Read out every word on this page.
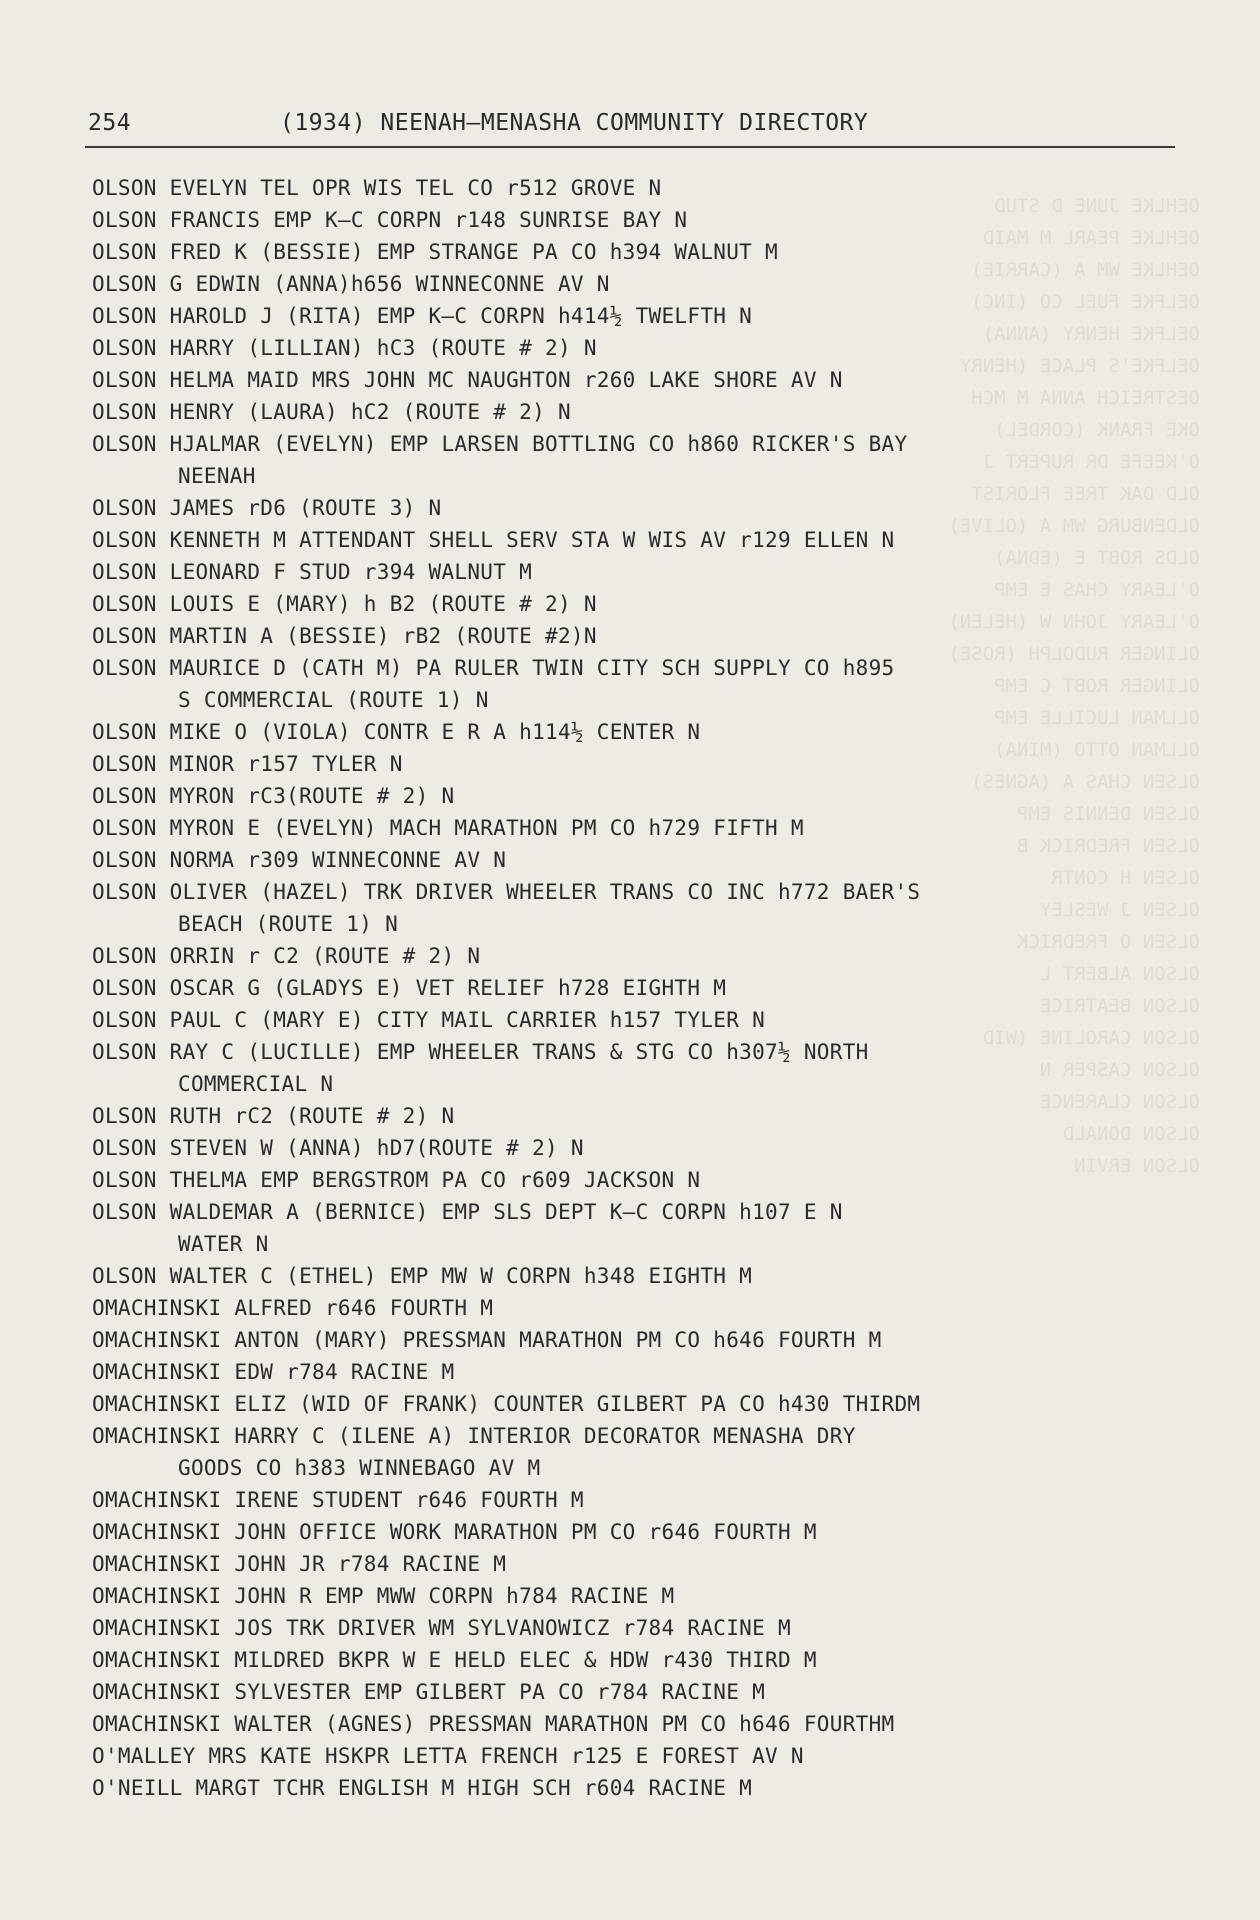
OEHLKE JUNE D STUD
OEHLKE PEARL M MAID
OEHLKE WM A (CARRIE)
OELFKE FUEL CO (INC)
OELFKE HENRY (ANNA)
OELFKE'S PLACE (HENRY
OESTREICH ANNA M MCH
OKE FRANK (CORDEL)
O'KEEFE DR RUPERT J
OLD OAK TREE FLORIST
OLDENBURG WM A (OLIVE)
OLDS ROBT E (EDNA)
O'LEARY CHAS E EMP
O'LEARY JOHN W (HELEN)
OLINGER RUDOLPH (ROSE)
OLINGER ROBT C EMP
OLLMAN LUCILLE EMP
OLLMAN OTTO (MINA)
OLSEN CHAS A (AGNES)
OLSEN DENNIS EMP
OLSEN FREDRICK B
OLSEN H CONTR
OLSEN J WESLEY
OLSEN O FREDRICK
OLSON ALBERT L
OLSON BEATRICE
OLSON CAROLINE (WID
OLSON CASPER N
OLSON CLARENCE
OLSON DONALD
OLSON ERVIN
254	(1934) NEENAH—MENASHA COMMUNITY DIRECTORY
OLSON EVELYN TEL OPR WIS TEL CO r512 GROVE N
OLSON FRANCIS EMP K—C CORPN r148 SUNRISE BAY N
OLSON FRED K (BESSIE) EMP STRANGE PA CO h394 WALNUT M
OLSON G EDWIN (ANNA)h656 WINNECONNE AV N
OLSON HAROLD J (RITA) EMP K—C CORPN h414½ TWELFTH N
OLSON HARRY (LILLIAN) hC3 (ROUTE # 2) N
OLSON HELMA MAID MRS JOHN MC NAUGHTON r260 LAKE SHORE AV N
OLSON HENRY (LAURA) hC2 (ROUTE # 2) N
OLSON HJALMAR (EVELYN) EMP LARSEN BOTTLING CO h860 RICKER'S BAY
NEENAH
OLSON JAMES rD6 (ROUTE 3) N
OLSON KENNETH M ATTENDANT SHELL SERV STA W WIS AV r129 ELLEN N
OLSON LEONARD F STUD r394 WALNUT M
OLSON LOUIS E (MARY) h B2 (ROUTE # 2) N
OLSON MARTIN A (BESSIE) rB2 (ROUTE #2)N
OLSON MAURICE D (CATH M) PA RULER TWIN CITY SCH SUPPLY CO h895
S COMMERCIAL (ROUTE 1) N
OLSON MIKE O (VIOLA) CONTR E R A h114½ CENTER N
OLSON MINOR r157 TYLER N
OLSON MYRON rC3(ROUTE # 2) N
OLSON MYRON E (EVELYN) MACH MARATHON PM CO h729 FIFTH M
OLSON NORMA r309 WINNECONNE AV N
OLSON OLIVER (HAZEL) TRK DRIVER WHEELER TRANS CO INC h772 BAER'S
BEACH (ROUTE 1) N
OLSON ORRIN r C2 (ROUTE # 2) N
OLSON OSCAR G (GLADYS E) VET RELIEF h728 EIGHTH M
OLSON PAUL C (MARY E) CITY MAIL CARRIER h157 TYLER N
OLSON RAY C (LUCILLE) EMP WHEELER TRANS & STG CO h307½ NORTH
COMMERCIAL N
OLSON RUTH rC2 (ROUTE # 2) N
OLSON STEVEN W (ANNA) hD7(ROUTE # 2) N
OLSON THELMA EMP BERGSTROM PA CO r609 JACKSON N
OLSON WALDEMAR A (BERNICE) EMP SLS DEPT K—C CORPN h107 E N
WATER N
OLSON WALTER C (ETHEL) EMP MW W CORPN h348 EIGHTH M
OMACHINSKI ALFRED r646 FOURTH M
OMACHINSKI ANTON (MARY) PRESSMAN MARATHON PM CO h646 FOURTH M
OMACHINSKI EDW r784 RACINE M
OMACHINSKI ELIZ (WID OF FRANK) COUNTER GILBERT PA CO h430 THIRDM
OMACHINSKI HARRY C (ILENE A) INTERIOR DECORATOR MENASHA DRY
GOODS CO h383 WINNEBAGO AV M
OMACHINSKI IRENE STUDENT r646 FOURTH M
OMACHINSKI JOHN OFFICE WORK MARATHON PM CO r646 FOURTH M
OMACHINSKI JOHN JR r784 RACINE M
OMACHINSKI JOHN R EMP MWW CORPN h784 RACINE M
OMACHINSKI JOS TRK DRIVER WM SYLVANOWICZ r784 RACINE M
OMACHINSKI MILDRED BKPR W E HELD ELEC & HDW r430 THIRD M
OMACHINSKI SYLVESTER EMP GILBERT PA CO r784 RACINE M
OMACHINSKI WALTER (AGNES) PRESSMAN MARATHON PM CO h646 FOURTHM
O'MALLEY MRS KATE HSKPR LETTA FRENCH r125 E FOREST AV N
O'NEILL MARGT TCHR ENGLISH M HIGH SCH r604 RACINE M
